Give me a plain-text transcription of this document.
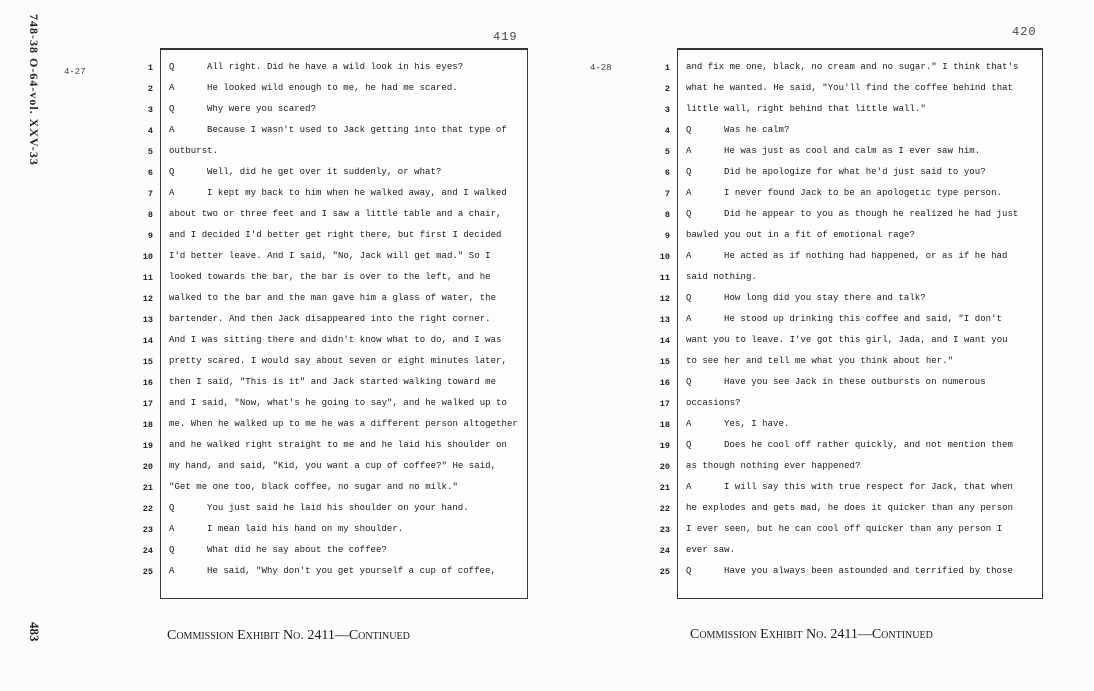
748-38 O-64-vol. XXV-33
483
419	420
4-27	4-28
1 Q	All right. Did he have a wild look in his eyes?
2 A	He looked wild enough to me, he had me scared.
3 Q	Why were you scared?
4 A	Because I wasn't used to Jack getting into that type of
5 outburst.
6 Q	Well, did he get over it suddenly, or what?
7 A	I kept my back to him when he walked away, and I walked
8 about two or three feet and I saw a little table and a chair,
9 and I decided I'd better get right there, but first I decided
10 I'd better leave. And I said, "No, Jack will get mad." So I
11 looked towards the bar, the bar is over to the left, and he
12 walked to the bar and the man gave him a glass of water, the
13 bartender. And then Jack disappeared into the right corner.
14 And I was sitting there and didn't know what to do, and I was
15 pretty scared. I would say about seven or eight minutes later,
16 then I said, "This is it" and Jack started walking toward me
17 and I said, "Now, what's he going to say", and he walked up to
18 me. When he walked up to me he was a different person altogether
19 and he walked right straight to me and he laid his shoulder on
20 my hand, and said, "Kid, you want a cup of coffee?" He said,
21 "Get me one too, black coffee, no sugar and no milk."
22 Q	You just said he laid his shoulder on your hand.
23 A	I mean laid his hand on my shoulder.
24 Q	What did he say about the coffee?
25 A	He said, "Why don't you get yourself a cup of coffee,
1 and fix me one, black, no cream and no sugar." I think that's
2 what he wanted. He said, "You'll find the coffee behind that
3 little wall, right behind that little wall."
4 Q	Was he calm?
5 A	He was just as cool and calm as I ever saw him.
6 Q	Did he apologize for what he'd just said to you?
7 A	I never found Jack to be an apologetic type person.
8 Q	Did he appear to you as though he realized he had just
9 bawled you out in a fit of emotional rage?
10 A	He acted as if nothing had happened, or as if he had
11 said nothing.
12 Q	How long did you stay there and talk?
13 A	He stood up drinking this coffee and said, "I don't
14 want you to leave. I've got this girl, Jada, and I want you
15 to see her and tell me what you think about her."
16 Q	Have you see Jack in these outbursts on numerous
17 occasions?
18 A	Yes, I have.
19 Q	Does he cool off rather quickly, and not mention them
20 as though nothing ever happened?
21 A	I will say this with true respect for Jack, that when
22 he explodes and gets mad, he does it quicker than any person
23 I ever seen, but he can cool off quicker than any person I
24 ever saw.
25 Q	Have you always been astounded and terrified by those
Commission Exhibit No. 2411—Continued	Commission Exhibit No. 2411—Continued
